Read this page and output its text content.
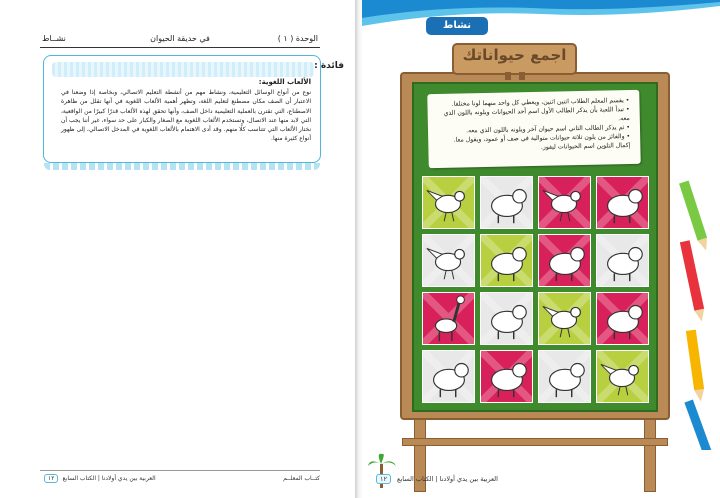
الوحدة ( ١ )
في حديقة الحيوان
نشــاط
فائدة :
الألعاب اللغوية:
نوع من أنواع الوسائل التعليمية، ونشاط مهم من أنشطة التعليم الاتصالي، وبخاصة إذا وضعنا في الاعتبار أن الصف مكان مصطنع لتعليم اللغة، وتظهر أهمية الألعاب اللغوية في أنها تقلل من ظاهرة الاصطناع، التي تقترن بالعملية التعليمية داخل الصف، وأنها تحقق لهذه الألعاب قدرًا كبيرًا من الواقعية، التي لابد منها عند الاتصال، وتستخدم الألعاب اللغوية مع الصغار والكبار على حد سواء، غير أننا يجب أن نختار الألعاب التي تتناسب كلًا منهم. وقد أدى الاهتمام بالألعاب اللغوية في المدخل الاتصالي، إلى ظهور أنواع كثيرة منها.
كتــاب المعلــم
العربية بين يدي أولادنا | الكتاب السابع
١٢
نشاط
اجمع حيواناتك
• يقسم المعلم الطلاب اثنين اثنين، ويعطي كل واحد منهما لونا مختلفا.
• تبدأ اللعبة بأن يذكر الطالب الأول اسم أحد الحيوانات ويلونه باللون الذي معه.
• ثم يذكر الطالب الثاني اسم حيوان آخر ويلونه باللون الذي معه.
• والفائز من يلون ثلاثة حيوانات متوالية في صف أو عمود، ويقول معا.
إكمال التلوين اسم الحيوانات ليفوز.
العربية بين يدي أولادنا | الكتاب السابع
١٢
